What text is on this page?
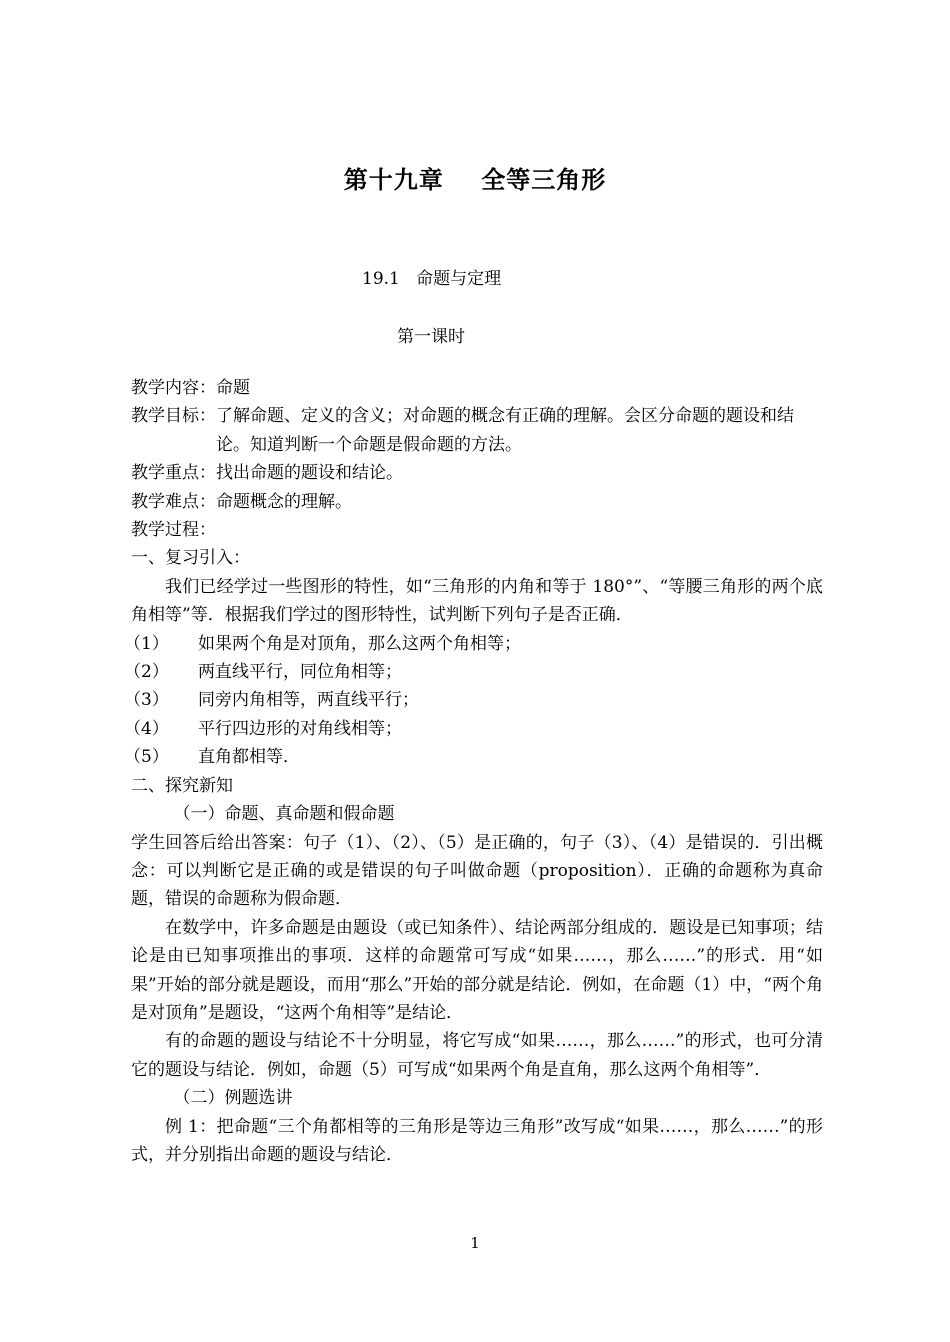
第十九章    全等三角形
19.1   命题与定理
第一课时
教学内容： 命题
教学目标： 了解命题、定义的含义；对命题的概念有正确的理解。会区分命题的题设和结论。知道判断一个命题是假命题的方法。
教学重点： 找出命题的题设和结论。
教学难点： 命题概念的理解。
教学过程：
一、复习引入：
我们已经学过一些图形的特性，如“三角形的内角和等于 180°”、“等腰三角形的两个底角相等”等．根据我们学过的图形特性，试判断下列句子是否正确．
（1）	如果两个角是对顶角，那么这两个角相等；
（2）	两直线平行，同位角相等；
（3）	同旁内角相等，两直线平行；
（4）	平行四边形的对角线相等；
（5）	直角都相等．
二、探究新知
（一）命题、真命题和假命题
学生回答后给出答案：句子（1）、（2）、（5）是正确的，句子（3）、（4）是错误的．引出概念：可以判断它是正确的或是错误的句子叫做命题（proposition）．正确的命题称为真命题，错误的命题称为假命题．
在数学中，许多命题是由题设（或已知条件）、结论两部分组成的．题设是已知事项；结论是由已知事项推出的事项．这样的命题常可写成“如果……，那么……”的形式．用“如果”开始的部分就是题设，而用“那么”开始的部分就是结论．例如，在命题（1）中，“两个角是对顶角”是题设，“这两个角相等”是结论．
有的命题的题设与结论不十分明显，将它写成“如果……，那么……”的形式，也可分清它的题设与结论．例如，命题（5）可写成“如果两个角是直角，那么这两个角相等”．
（二）例题选讲
例 1：把命题“三个角都相等的三角形是等边三角形”改写成“如果……，那么……”的形式，并分别指出命题的题设与结论．
1
